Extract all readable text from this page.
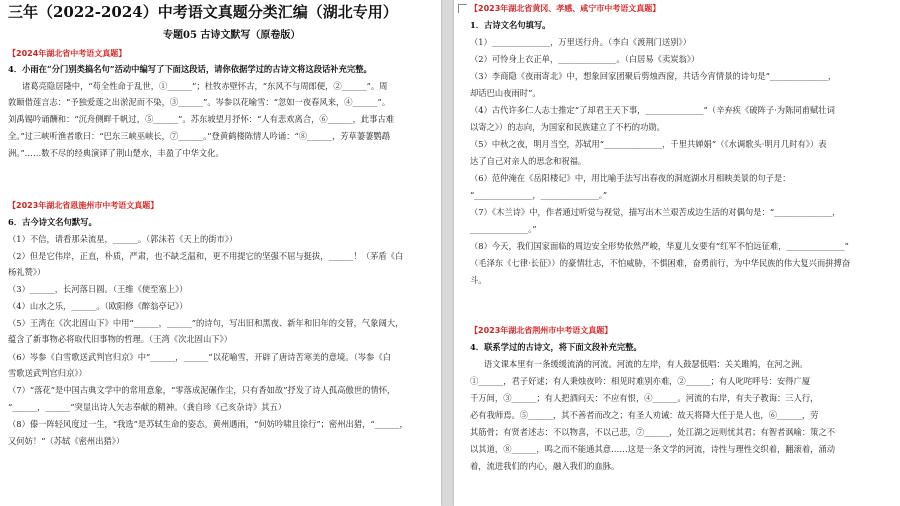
三年（2022-2024）中考语文真题分类汇编（湖北专用）
专题05 古诗文默写（原卷版）
【2024年湖北省中考语文真题】
4．小雨在“分门别类搞名句”活动中编写了下面这段话，请你依据学过的古诗文将这段话补充完整。
诸葛亮隐居隆中，“苟全性命于乱世，①______”；杜牧赤壁怀古，“东风不与周郎便，②______”。周
敦颐借莲言志：“予独爱莲之出淤泥而不染，③______”。岑参以花喻雪：“忽如一夜春风来，④______”。
刘禹锡吟诵酬和：“沉舟侧畔千帆过，⑤______”。苏东坡望月抒怀：“人有悲欢离合，⑥______，此事古难
全。”过三峡听渔者歌曰：“巴东三峡巫峡长，⑦______。”登黄鹤楼陈情人吟诵：“⑧______，芳草萋萋鹦鹉
洲。”……数不尽的经典演译了荆山楚水，丰盈了中华文化。
【2023年湖北省恩施州市中考语文真题】
6．古今诗文名句默写。
（1）不信，请看那朵流星，______。（郭沫若《天上的街市》）
（2）但是它伟岸，正直，朴质，严肃，也不缺乏温和，更不用提它的坚强不屈与挺拔，______！（茅盾《白
杨礼赞》）
（3）______，长河落日圆。（王维《使至塞上》）
（4）山水之乐，______。（欧阳修《醉翁亭记》）
（5）王湾在《次北固山下》中用“______，______”的诗句，写出旧和黑夜、新年和旧年的交替，气象阔大，
蕴含了新事物必将取代旧事物的哲理。（王湾《次北固山下》）
（6）岑参《白雪歌送武判官归京》中“______，______”以花喻雪，开辟了唐诗苦寒美的意境。（岑参《白
雪歌送武判官归京》）
（7）“落花”是中国古典文学中的常用意象，“零落成泥碾作尘，只有香如故”抒发了诗人孤高傲世的情怀，
“______，______”突显出诗人矢志奉献的精神。（龚自珍《己亥杂诗》其五）
（8）傣一阵轻风度过一生，“我选”是苏轼生命的姿态。黄州遇雨，“何妨吟啸且徐行”；密州出猎，“______，
又何妨！”（苏轼《密州出猎》）
【2023年湖北省黄冈、孝感、咸宁市中考语文真题】
1．古诗文名句填写。
（1）______________，万里送行舟。（李白《渡荆门送别》）
（2）可怜身上衣正单，______________。（白居易《卖炭翁》）
（3）李商隐《夜雨寄北》中，想象回家团聚后剪烛西窗，共话今宵情景的诗句是“______________，
却话巴山夜雨时”。
（4）古代许多仁人志士推定“了却君王天下事，______________”（辛弃疾《破阵子·为陈同甫赋壮词
以寄之》）的志向，为国家和民族建立了不朽的功勋。
（5）中秋之夜，明月当空，苏轼用“______________，千里共婵娟”（《水调歌头·明月几时有》）表
达了自己对亲人的思念和祝福。
（6）范仲淹在《岳阳楼记》中，用比喻手法写出春夜的洞庭湖水月相映美景的句子是：
“______________，______________。”
（7）《木兰诗》中，作者通过听觉与视觉，描写出木兰艰苦成边生活的对偶句是：“______________，
______________。”
（8）今天，我们国家面临的周边安全形势依然严峻，华夏儿女要有“红军不怕远征难，______________”
（毛泽东《七律·长征》）的豪情壮志，不怕威胁，不惧困难，奋勇前行，为中华民族的伟大复兴而拼搏奋
斗。
【2023年湖北省荆州市中考语文真题】
4．联系学过的古诗文，将下面文段补充完整。
语文课本里有一条缓缓流淌的河流。河流的左岸，有人鼓瑟低唱：关关雎鸠，在河之洲。
①______，君子好逑；有人秉烛夜吟：相见时难别亦难，②______；有人叱咤呼号：安得广厦
千万间，③______；有人把酒问天：不应有恨，④______。河流的右岸，有夫子教诲：三人行，
必有我师焉。⑤______，其不善者而改之；有圣人劝诫：故天将降大任于是人也，⑥______，劳
其筋骨；有贤者述志：不以物喜，不以己悲，⑦______，处江湖之远则忧其君；有智者讽喻：策之不
以其道，⑧______，鸣之而不能通其意……这是一条文学的河流，诗性与理性交织着，翻滚着，涌动
着，流进我们的内心，融入我们的血脉。
